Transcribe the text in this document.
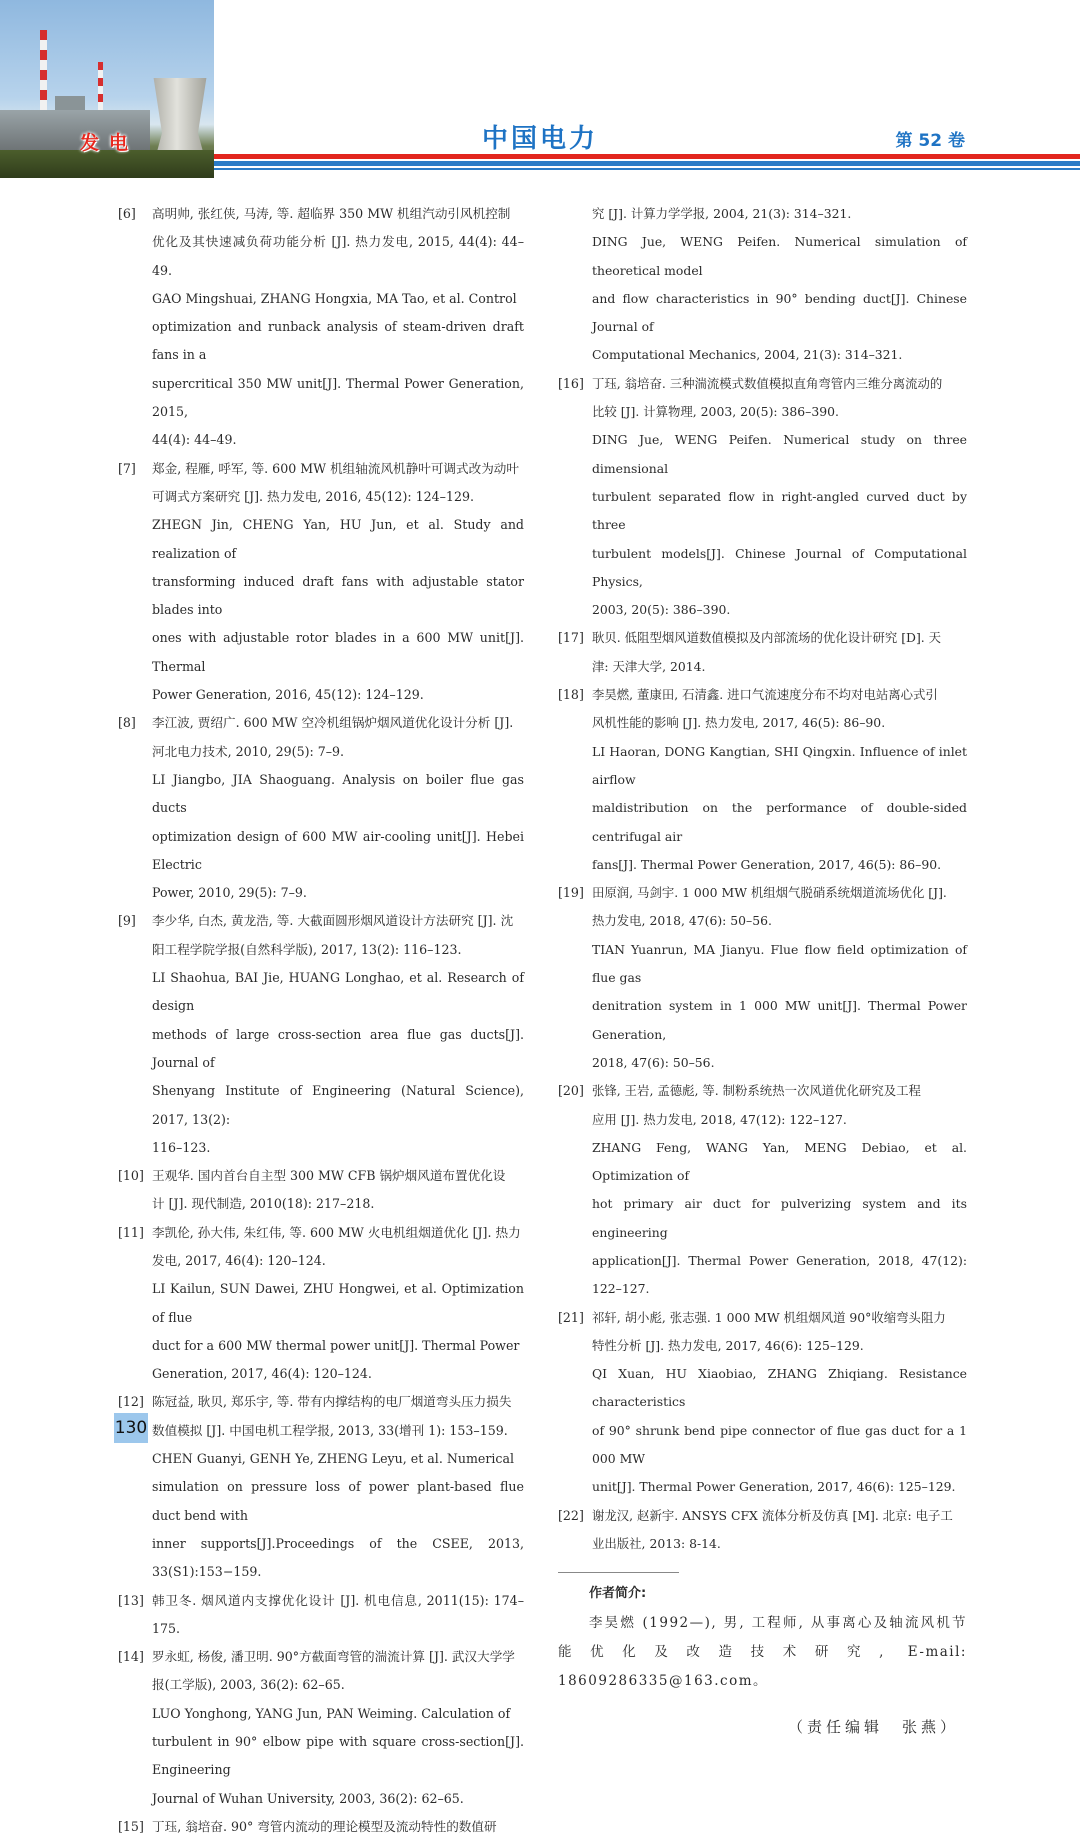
发电	中国电力	第 52 卷
[6]	高明帅, 张红侠, 马涛, 等. 超临界 350 MW 机组汽动引风机控制
优化及其快速减负荷功能分析 [J]. 热力发电, 2015, 44(4): 44–49.
GAO Mingshuai, ZHANG Hongxia, MA Tao, et al. Control
optimization and runback analysis of steam-driven draft fans in a
supercritical 350 MW unit[J]. Thermal Power Generation, 2015,
44(4): 44–49.
[7]	郑金, 程雁, 呼军, 等. 600 MW 机组轴流风机静叶可调式改为动叶
可调式方案研究 [J]. 热力发电, 2016, 45(12): 124–129.
ZHEGN Jin, CHENG Yan, HU Jun, et al. Study and realization of
transforming induced draft fans with adjustable stator blades into
ones with adjustable rotor blades in a 600 MW unit[J]. Thermal
Power Generation, 2016, 45(12): 124–129.
[8]	李江波, 贾绍广. 600 MW 空冷机组锅炉烟风道优化设计分析 [J].
河北电力技术, 2010, 29(5): 7–9.
LI Jiangbo, JIA Shaoguang. Analysis on boiler flue gas ducts
optimization design of 600 MW air-cooling unit[J]. Hebei Electric
Power, 2010, 29(5): 7–9.
[9]	李少华, 白杰, 黄龙浩, 等. 大截面圆形烟风道设计方法研究 [J]. 沈
阳工程学院学报(自然科学版), 2017, 13(2): 116–123.
LI Shaohua, BAI Jie, HUANG Longhao, et al. Research of design
methods of large cross-section area flue gas ducts[J]. Journal of
Shenyang Institute of Engineering (Natural Science), 2017, 13(2):
116–123.
[10] 王观华. 国内首台自主型 300 MW CFB 锅炉烟风道布置优化设
计 [J]. 现代制造, 2010(18): 217–218.
[11] 李凯伦, 孙大伟, 朱红伟, 等. 600 MW 火电机组烟道优化 [J]. 热力
发电, 2017, 46(4): 120–124.
LI Kailun, SUN Dawei, ZHU Hongwei, et al. Optimization of flue
duct for a 600 MW thermal power unit[J]. Thermal Power
Generation, 2017, 46(4): 120–124.
[12] 陈冠益, 耿贝, 郑乐宇, 等. 带有内撑结构的电厂烟道弯头压力损失
数值模拟 [J]. 中国电机工程学报, 2013, 33(增刊 1): 153–159.
CHEN Guanyi, GENH Ye, ZHENG Leyu, et al. Numerical
simulation on pressure loss of power plant-based flue duct bend with
inner supports[J].Proceedings of the CSEE, 2013, 33(S1):153−159.
[13] 韩卫冬. 烟风道内支撑优化设计 [J]. 机电信息, 2011(15): 174–175.
[14] 罗永虹, 杨俊, 潘卫明. 90°方截面弯管的湍流计算 [J]. 武汉大学学
报(工学版), 2003, 36(2): 62–65.
LUO Yonghong, YANG Jun, PAN Weiming. Calculation of
turbulent in 90° elbow pipe with square cross-section[J]. Engineering
Journal of Wuhan University, 2003, 36(2): 62–65.
[15] 丁珏, 翁培奋. 90° 弯管内流动的理论模型及流动特性的数值研
究 [J]. 计算力学学报, 2004, 21(3): 314–321.
DING Jue, WENG Peifen. Numerical simulation of theoretical model
and flow characteristics in 90° bending duct[J]. Chinese Journal of
Computational Mechanics, 2004, 21(3): 314–321.
[16] 丁珏, 翁培奋. 三种湍流模式数值模拟直角弯管内三维分离流动的
比较 [J]. 计算物理, 2003, 20(5): 386–390.
DING Jue, WENG Peifen. Numerical study on three dimensional
turbulent separated flow in right-angled curved duct by three
turbulent models[J]. Chinese Journal of Computational Physics,
2003, 20(5): 386–390.
[17] 耿贝. 低阻型烟风道数值模拟及内部流场的优化设计研究 [D]. 天
津: 天津大学, 2014.
[18] 李昊燃, 董康田, 石清鑫. 进口气流速度分布不均对电站离心式引
风机性能的影响 [J]. 热力发电, 2017, 46(5): 86–90.
LI Haoran, DONG Kangtian, SHI Qingxin. Influence of inlet airflow
maldistribution on the performance of double-sided centrifugal air
fans[J]. Thermal Power Generation, 2017, 46(5): 86–90.
[19] 田原润, 马剑宇. 1 000 MW 机组烟气脱硝系统烟道流场优化 [J].
热力发电, 2018, 47(6): 50–56.
TIAN Yuanrun, MA Jianyu. Flue flow field optimization of flue gas
denitration system in 1 000 MW unit[J]. Thermal Power Generation,
2018, 47(6): 50–56.
[20] 张锋, 王岩, 孟德彪, 等. 制粉系统热一次风道优化研究及工程
应用 [J]. 热力发电, 2018, 47(12): 122–127.
ZHANG Feng, WANG Yan, MENG Debiao, et al. Optimization of
hot primary air duct for pulverizing system and its engineering
application[J]. Thermal Power Generation, 2018, 47(12): 122–127.
[21] 祁轩, 胡小彪, 张志强. 1 000 MW 机组烟风道 90°收缩弯头阻力
特性分析 [J]. 热力发电, 2017, 46(6): 125–129.
QI Xuan, HU Xiaobiao, ZHANG Zhiqiang. Resistance characteristics
of 90° shrunk bend pipe connector of flue gas duct for a 1 000 MW
unit[J]. Thermal Power Generation, 2017, 46(6): 125–129.
[22] 谢龙汉, 赵新宇. ANSYS CFX 流体分析及仿真 [M]. 北京: 电子工
业出版社, 2013: 8-14.
作者简介:
李昊燃 (1992—), 男, 工程师, 从事离心及轴流风机节能优化及改造技术研究, E-mail: 18609286335@163.com。
（责任编辑　张燕）
130
